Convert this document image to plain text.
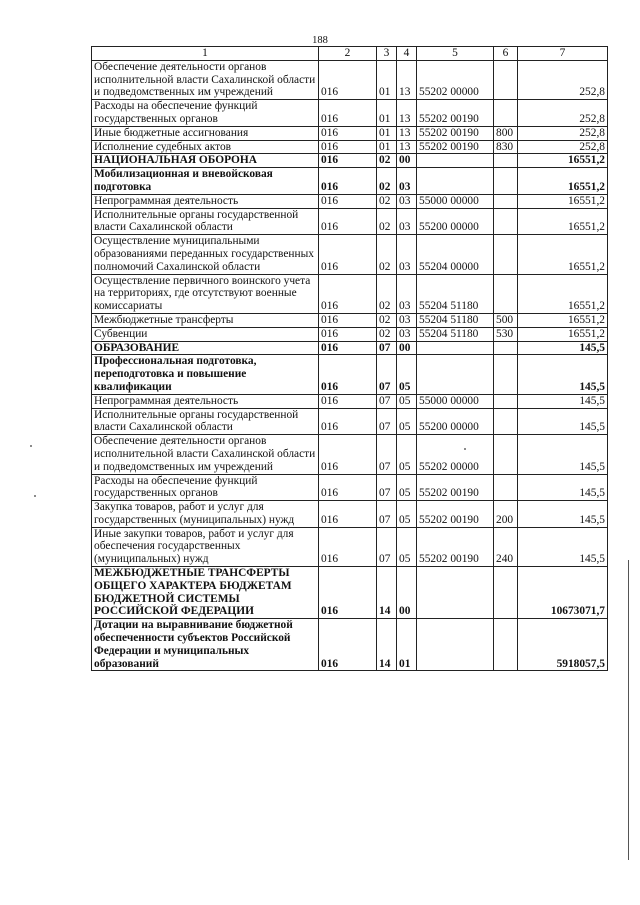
188
1	2	3	4	5	6	7
Обеспечение деятельности органов исполнительной власти Сахалинской области и подведомственных им учреждений	016	01	13	55202 00000		252,8
Расходы на обеспечение функций государственных органов	016	01	13	55202 00190		252,8
Иные бюджетные ассигнования	016	01	13	55202 00190	800	252,8
Исполнение судебных актов	016	01	13	55202 00190	830	252,8
НАЦИОНАЛЬНАЯ ОБОРОНА	016	02	00			16551,2
Мобилизационная и вневойсковая подготовка	016	02	03			16551,2
Непрограммная деятельность	016	02	03	55000 00000		16551,2
Исполнительные органы государственной власти Сахалинской области	016	02	03	55200 00000		16551,2
Осуществление муниципальными образованиями переданных государственных полномочий Сахалинской области	016	02	03	55204 00000		16551,2
Осуществление первичного воинского учета на территориях, где отсутствуют военные комиссариаты	016	02	03	55204 51180		16551,2
Межбюджетные трансферты	016	02	03	55204 51180	500	16551,2
Субвенции	016	02	03	55204 51180	530	16551,2
ОБРАЗОВАНИЕ	016	07	00			145,5
Профессиональная подготовка, переподготовка и повышение квалификации	016	07	05			145,5
Непрограммная деятельность	016	07	05	55000 00000		145,5
Исполнительные органы государственной власти Сахалинской области	016	07	05	55200 00000		145,5
Обеспечение деятельности органов исполнительной власти Сахалинской области и подведомственных им учреждений	016	07	05	55202 00000		145,5
Расходы на обеспечение функций государственных органов	016	07	05	55202 00190		145,5
Закупка товаров, работ и услуг для государственных (муниципальных) нужд	016	07	05	55202 00190	200	145,5
Иные закупки товаров, работ и услуг для обеспечения государственных (муниципальных) нужд	016	07	05	55202 00190	240	145,5
МЕЖБЮДЖЕТНЫЕ ТРАНСФЕРТЫ ОБЩЕГО ХАРАКТЕРА БЮДЖЕТАМ БЮДЖЕТНОЙ СИСТЕМЫ РОССИЙСКОЙ ФЕДЕРАЦИИ	016	14	00			10673071,7
Дотации на выравнивание бюджетной обеспеченности субъектов Российской Федерации и муниципальных образований	016	14	01			5918057,5
